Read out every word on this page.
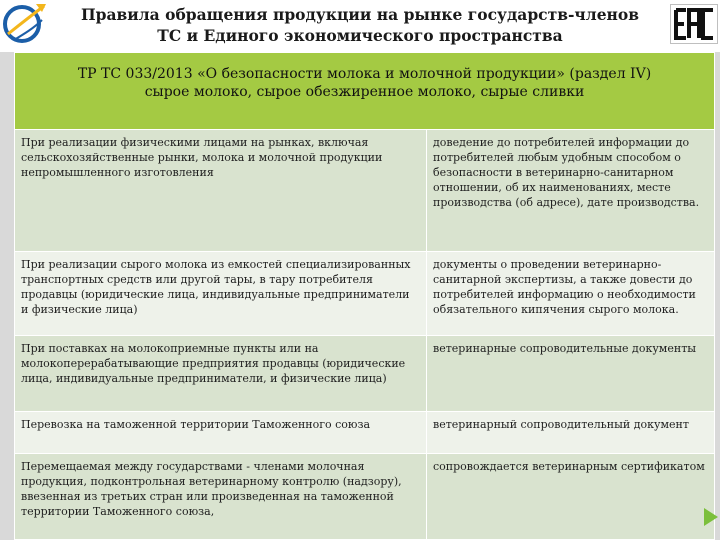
Правила обращения продукции на рынке государств-членов
ТС и Единого экономического пространства
ТР ТС 033/2013 «О безопасности молока и молочной продукции» (раздел IV)
сырое молоко, сырое обезжиренное молоко, сырые сливки	

При реализации физическими лицами на рынках, включая сельскохозяйственные рынки, молока и молочной продукции непромышленного изготовления	доведение до потребителей информации до потребителей любым удобным способом о безопасности в ветеринарно-санитарном отношении, об их наименованиях, месте производства (об адресе), дате производства.
При реализации сырого молока из емкостей специализированных транспортных средств или другой тары, в тару потребителя продавцы (юридические лица, индивидуальные предприниматели и физические лица)	документы о проведении ветеринарно-санитарной экспертизы, а также довести до потребителей информацию о необходимости обязательного кипячения сырого молока.
При поставках на молокоприемные пункты или на молокоперерабатывающие предприятия продавцы (юридические лица, индивидуальные предприниматели, и физические лица)	ветеринарные сопроводительные документы
Перевозка на таможенной территории Таможенного союза	ветеринарный сопроводительный документ
Перемещаемая между государствами - членами молочная продукция, подконтрольная ветеринарному контролю (надзору), ввезенная из третьих стран или произведенная на таможенной территории Таможенного союза,	сопровождается ветеринарным сертификатом
